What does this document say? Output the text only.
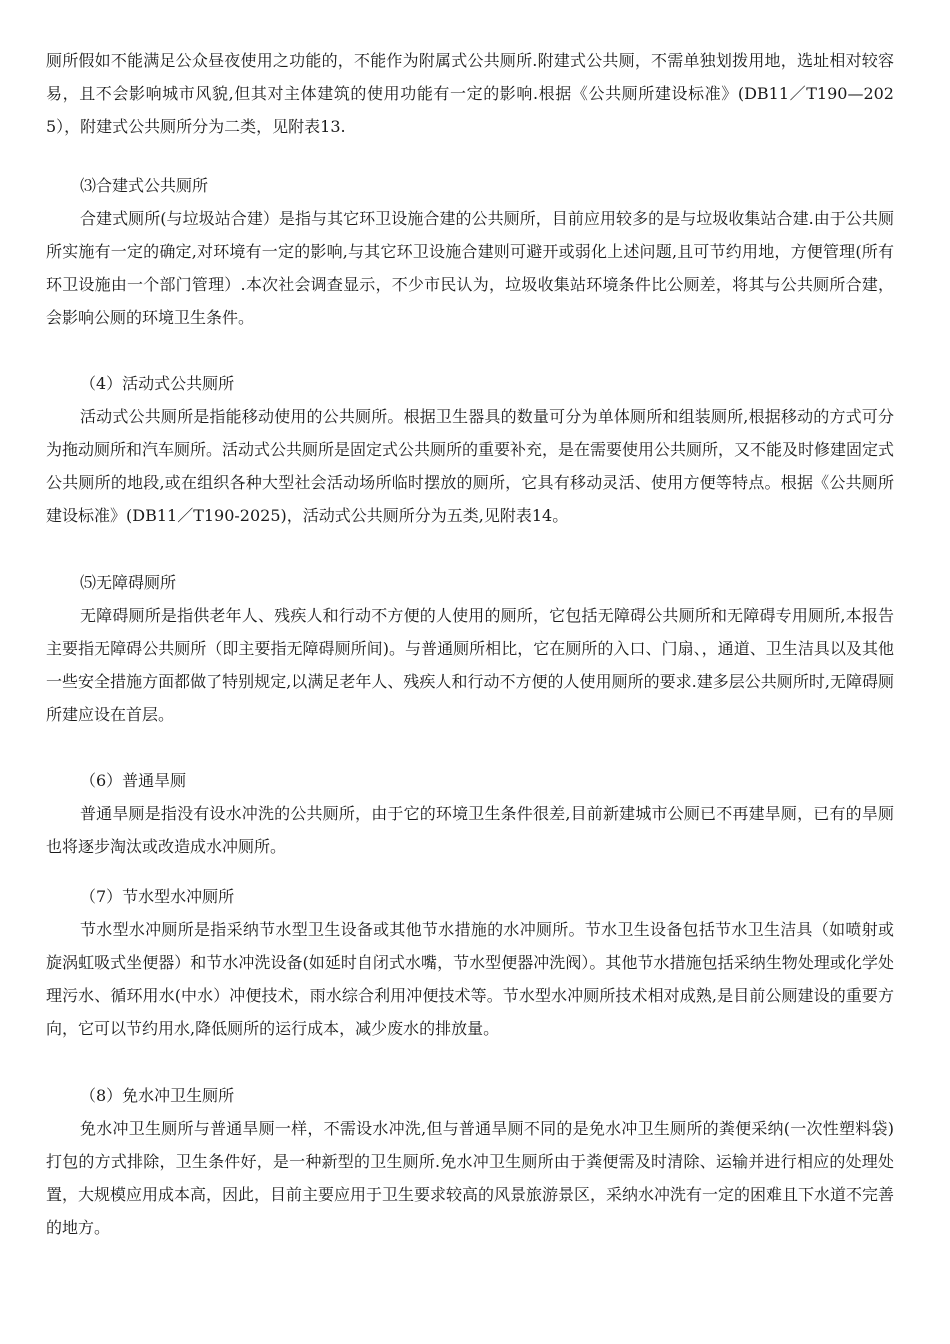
厕所假如不能满足公众昼夜使用之功能的，不能作为附属式公共厕所.附建式公共厕，不需单独划拨用地，选址相对较容易，且不会影响城市风貌,但其对主体建筑的使用功能有一定的影响.根据《公共厕所建设标准》(DB11／T190—2025），附建式公共厕所分为二类，见附表13.

⑶合建式公共厕所

合建式厕所(与垃圾站合建）是指与其它环卫设施合建的公共厕所，目前应用较多的是与垃圾收集站合建.由于公共厕所实施有一定的确定,对环境有一定的影响,与其它环卫设施合建则可避开或弱化上述问题,且可节约用地，方便管理(所有环卫设施由一个部门管理）.本次社会调查显示，不少市民认为，垃圾收集站环境条件比公厕差，将其与公共厕所合建，会影响公厕的环境卫生条件。

（4）活动式公共厕所

活动式公共厕所是指能移动使用的公共厕所。根据卫生器具的数量可分为单体厕所和组装厕所,根据移动的方式可分为拖动厕所和汽车厕所。活动式公共厕所是固定式公共厕所的重要补充，是在需要使用公共厕所，又不能及时修建固定式公共厕所的地段,或在组织各种大型社会活动场所临时摆放的厕所，它具有移动灵活、使用方便等特点。根据《公共厕所建设标准》(DB11／T190-2025)，活动式公共厕所分为五类,见附表14。

⑸无障碍厕所

无障碍厕所是指供老年人、残疾人和行动不方便的人使用的厕所，它包括无障碍公共厕所和无障碍专用厕所,本报告主要指无障碍公共厕所（即主要指无障碍厕所间)。与普通厕所相比，它在厕所的入口、门扇、，通道、卫生洁具以及其他一些安全措施方面都做了特别规定,以满足老年人、残疾人和行动不方便的人使用厕所的要求.建多层公共厕所时,无障碍厕所建应设在首层。

（6）普通旱厕

普通旱厕是指没有设水冲洗的公共厕所，由于它的环境卫生条件很差,目前新建城市公厕已不再建旱厕，已有的旱厕也将逐步淘汰或改造成水冲厕所。

（7）节水型水冲厕所

节水型水冲厕所是指采纳节水型卫生设备或其他节水措施的水冲厕所。节水卫生设备包括节水卫生洁具（如喷射或旋涡虹吸式坐便器）和节水冲洗设备(如延时自闭式水嘴，节水型便器冲洗阀）。其他节水措施包括采纳生物处理或化学处理污水、循环用水(中水）冲便技术，雨水综合利用冲便技术等。节水型水冲厕所技术相对成熟,是目前公厕建设的重要方向，它可以节约用水,降低厕所的运行成本，减少废水的排放量。

（8）免水冲卫生厕所

免水冲卫生厕所与普通旱厕一样，不需设水冲洗,但与普通旱厕不同的是免水冲卫生厕所的粪便采纳(一次性塑料袋)打包的方式排除，卫生条件好，是一种新型的卫生厕所.免水冲卫生厕所由于粪便需及时清除、运输并进行相应的处理处置，大规模应用成本高，因此，目前主要应用于卫生要求较高的风景旅游景区，采纳水冲洗有一定的困难且下水道不完善的地方。
